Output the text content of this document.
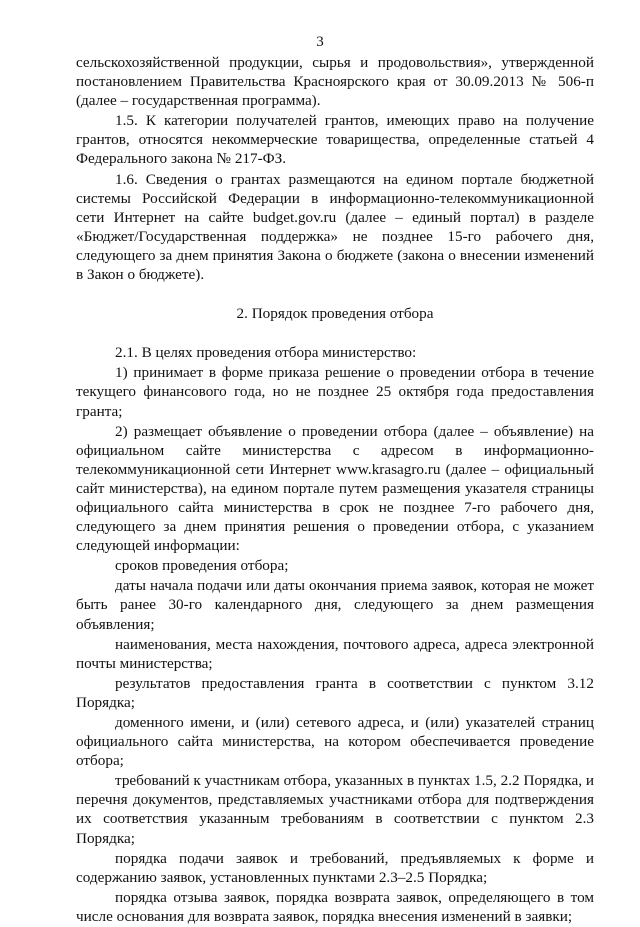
3

сельскохозяйственной продукции, сырья и продовольствия», утвержденной постановлением Правительства Красноярского края от 30.09.2013 № 506-п (далее – государственная программа).

1.5. К категории получателей грантов, имеющих право на получение грантов, относятся некоммерческие товарищества, определенные статьей 4 Федерального закона № 217-ФЗ.

1.6. Сведения о грантах размещаются на едином портале бюджетной системы Российской Федерации в информационно-телекоммуникационной сети Интернет на сайте budget.gov.ru (далее – единый портал) в разделе «Бюджет/Государственная поддержка» не позднее 15-го рабочего дня, следующего за днем принятия Закона о бюджете (закона о внесении изменений в Закон о бюджете).

2. Порядок проведения отбора

2.1. В целях проведения отбора министерство:

1) принимает в форме приказа решение о проведении отбора в течение текущего финансового года, но не позднее 25 октября года предоставления гранта;

2) размещает объявление о проведении отбора (далее – объявление) на официальном сайте министерства с адресом в информационно-телекоммуникационной сети Интернет www.krasagro.ru (далее – официальный сайт министерства), на едином портале путем размещения указателя страницы официального сайта министерства в срок не позднее 7-го рабочего дня, следующего за днем принятия решения о проведении отбора, с указанием следующей информации:

сроков проведения отбора;

даты начала подачи или даты окончания приема заявок, которая не может быть ранее 30-го календарного дня, следующего за днем размещения объявления;

наименования, места нахождения, почтового адреса, адреса электронной почты министерства;

результатов предоставления гранта в соответствии с пунктом 3.12 Порядка;

доменного имени, и (или) сетевого адреса, и (или) указателей страниц официального сайта министерства, на котором обеспечивается проведение отбора;

требований к участникам отбора, указанных в пунктах 1.5, 2.2 Порядка, и перечня документов, представляемых участниками отбора для подтверждения их соответствия указанным требованиям в соответствии с пунктом 2.3 Порядка;

порядка подачи заявок и требований, предъявляемых к форме и содержанию заявок, установленных пунктами 2.3–2.5 Порядка;

порядка отзыва заявок, порядка возврата заявок, определяющего в том числе основания для возврата заявок, порядка внесения изменений в заявки;
